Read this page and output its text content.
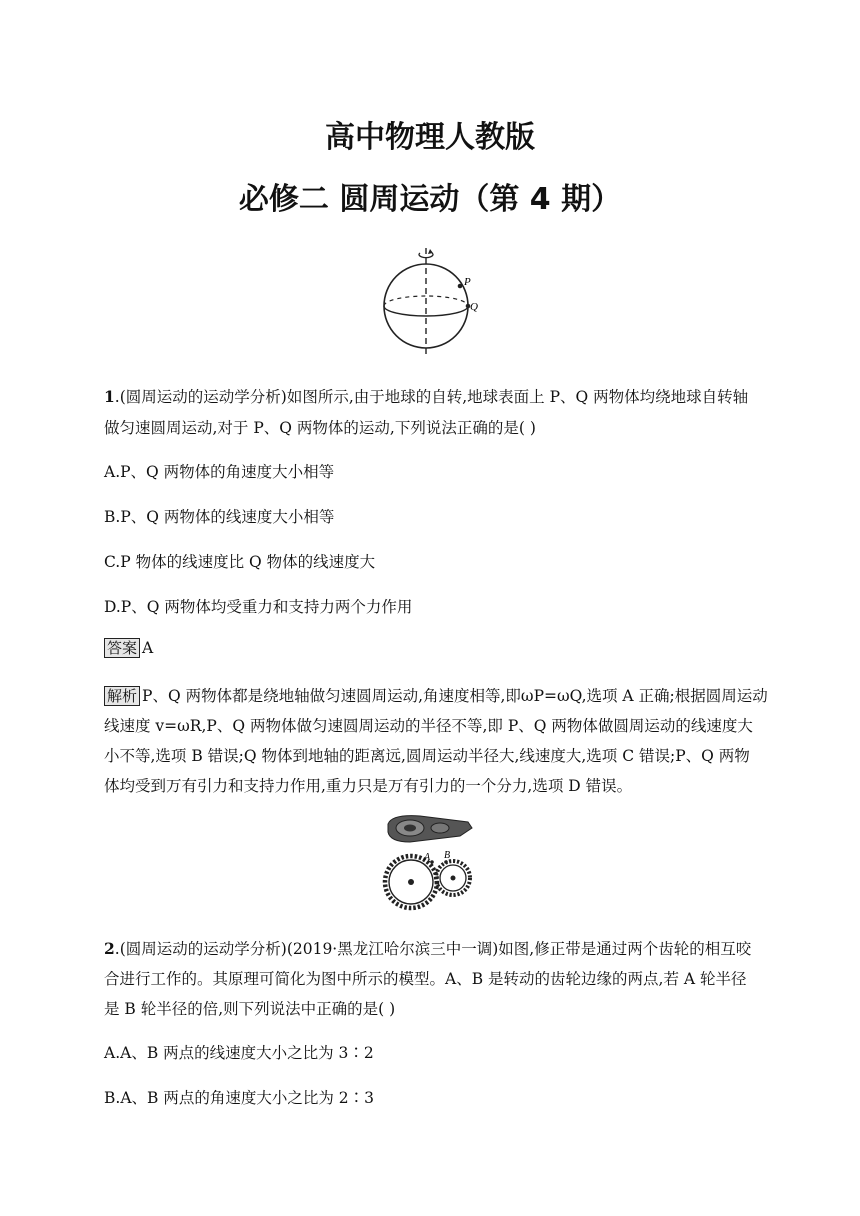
高中物理人教版
必修二 圆周运动（第 4 期）
P
Q
1.(圆周运动的运动学分析)如图所示,由于地球的自转,地球表面上 P、Q 两物体均绕地球自转轴
做匀速圆周运动,对于 P、Q 两物体的运动,下列说法正确的是( )
A.P、Q 两物体的角速度大小相等
B.P、Q 两物体的线速度大小相等
C.P 物体的线速度比 Q 物体的线速度大
D.P、Q 两物体均受重力和支持力两个力作用
答案 A
解析 P、Q 两物体都是绕地轴做匀速圆周运动,角速度相等,即ωP=ωQ,选项 A 正确;根据圆周运动
线速度 v=ωR,P、Q 两物体做匀速圆周运动的半径不等,即 P、Q 两物体做圆周运动的线速度大
小不等,选项 B 错误;Q 物体到地轴的距离远,圆周运动半径大,线速度大,选项 C 错误;P、Q 两物
体均受到万有引力和支持力作用,重力只是万有引力的一个分力,选项 D 错误。
A B
2.(圆周运动的运动学分析)(2019·黑龙江哈尔滨三中一调)如图,修正带是通过两个齿轮的相互咬
合进行工作的。其原理可简化为图中所示的模型。A、B 是转动的齿轮边缘的两点,若 A 轮半径
是 B 轮半径的倍,则下列说法中正确的是( )
A.A、B 两点的线速度大小之比为 3∶2
B.A、B 两点的角速度大小之比为 2∶3
